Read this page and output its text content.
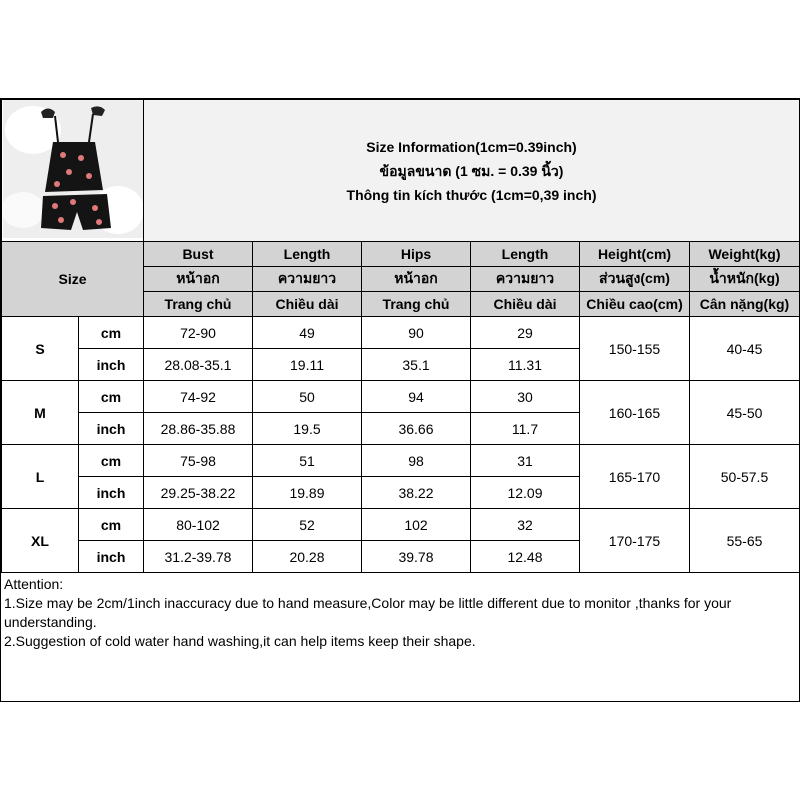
Size Information(1cm=0.39inch)
ข้อมูลขนาด (1 ซม. = 0.39 นิ้ว)
Thông tin kích thước (1cm=0,39 inch)					

Size		Bust	Length	Hips	Length	Height(cm)	Weight(kg)
		หน้าอก	ความยาว	หน้าอก	ความยาว	ส่วนสูง(cm)	น้ำหนัก(kg)
		Trang chủ	Chiều dài	Trang chủ	Chiều dài	Chiều cao(cm)	Cân nặng(kg)
S	cm	72-90	49	90	29	150-155	40-45
	inch	28.08-35.1	19.11	35.1	11.31		
M	cm	74-92	50	94	30	160-165	45-50
	inch	28.86-35.88	19.5	36.66	11.7		
L	cm	75-98	51	98	31	165-170	50-57.5
	inch	29.25-38.22	19.89	38.22	12.09		
XL	cm	80-102	52	102	32	170-175	55-65
	inch	31.2-39.78	20.28	39.78	12.48		
Attention:
1.Size may be 2cm/1inch inaccuracy due to hand measure,Color may be little different due to monitor ,thanks for your understanding.
2.Suggestion of cold water hand washing,it can help items keep their shape.
